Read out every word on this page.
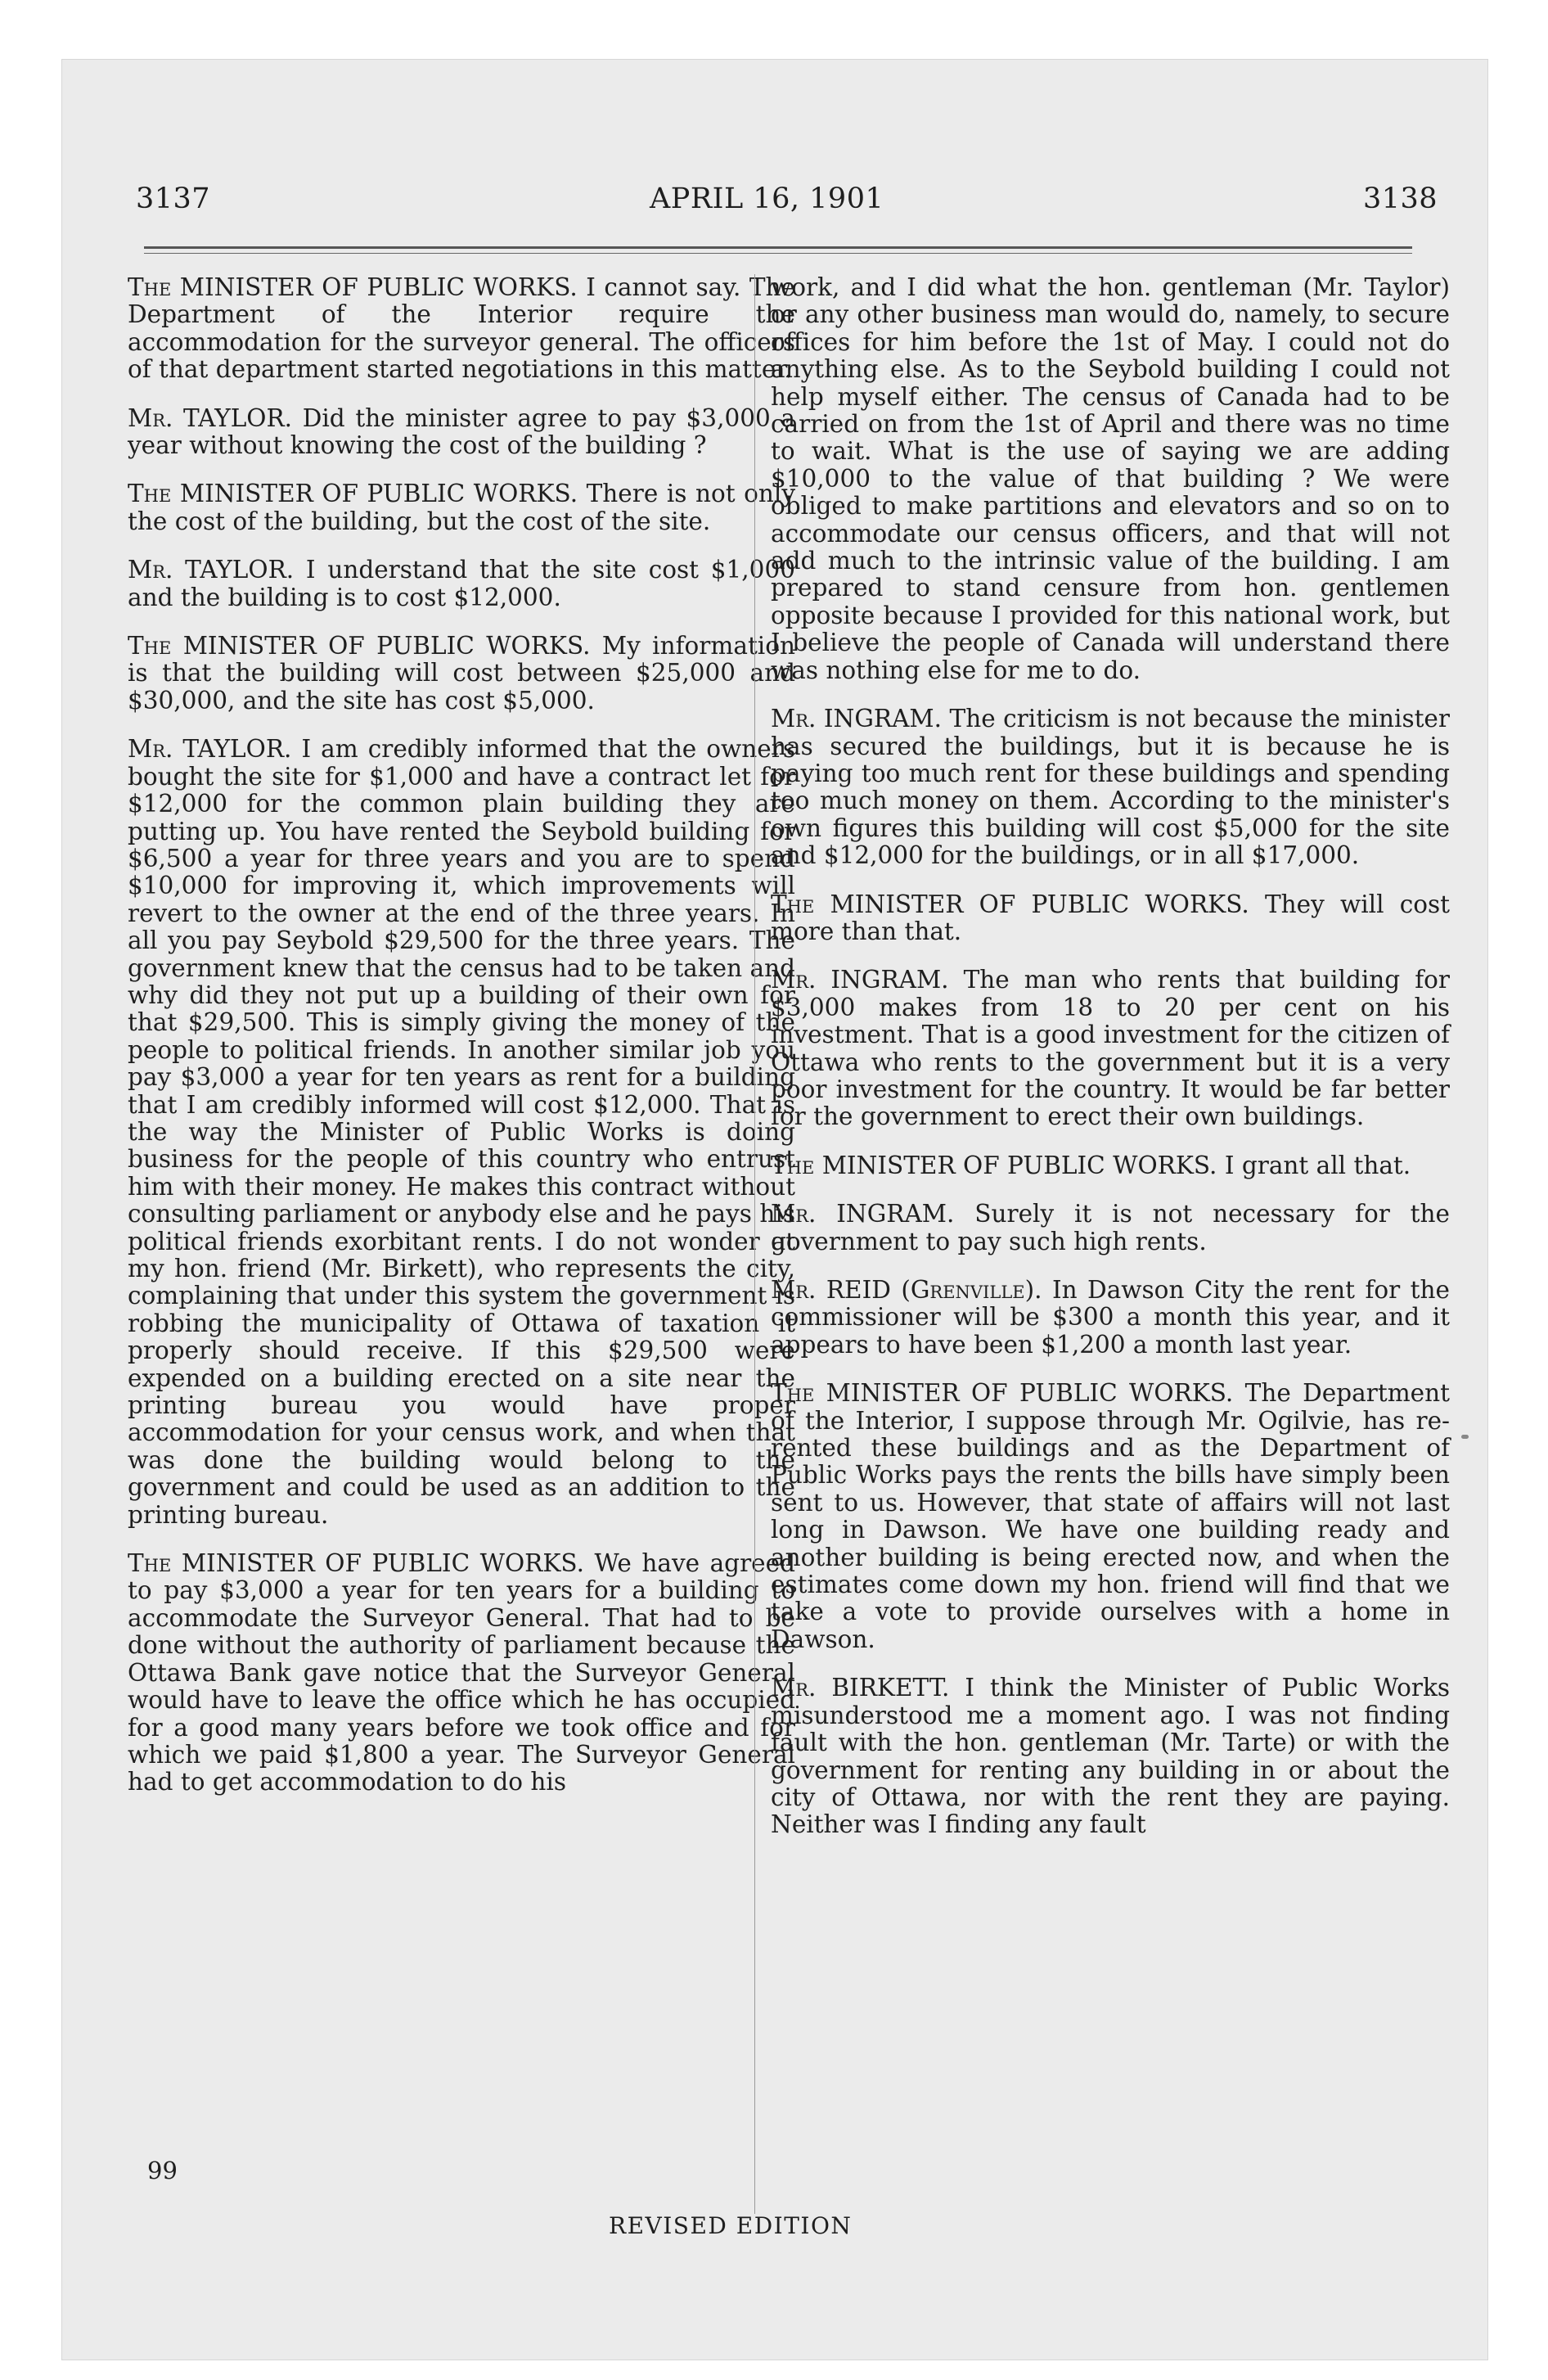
3137	APRIL 16, 1901	3138

The MINISTER OF PUBLIC WORKS. I cannot say. The Department of the Interior require the accommodation for the surveyor general. The officers of that department started negotiations in this matter.

Mr. TAYLOR. Did the minister agree to pay $3,000 a year without knowing the cost of the building ?

The MINISTER OF PUBLIC WORKS. There is not only the cost of the building, but the cost of the site.

Mr. TAYLOR. I understand that the site cost $1,000 and the building is to cost $12,000.

The MINISTER OF PUBLIC WORKS. My information is that the building will cost between $25,000 and $30,000, and the site has cost $5,000.

Mr. TAYLOR. I am credibly informed that the owners bought the site for $1,000 and have a contract let for $12,000 for the common plain building they are putting up. You have rented the Seybold building for $6,500 a year for three years and you are to spend $10,000 for improving it, which improvements will revert to the owner at the end of the three years. In all you pay Seybold $29,500 for the three years. The government knew that the census had to be taken and why did they not put up a building of their own for that $29,500. This is simply giving the money of the people to political friends. In another similar job you pay $3,000 a year for ten years as rent for a building that I am credibly informed will cost $12,000. That is the way the Minister of Public Works is doing business for the people of this country who entrust him with their money. He makes this contract without consulting parliament or anybody else and he pays his political friends exorbitant rents. I do not wonder at my hon. friend (Mr. Birkett), who represents the city, complaining that under this system the government is robbing the municipality of Ottawa of taxation it properly should receive. If this $29,500 were expended on a building erected on a site near the printing bureau you would have proper accommodation for your census work, and when that was done the building would belong to the government and could be used as an addition to the printing bureau.

The MINISTER OF PUBLIC WORKS. We have agreed to pay $3,000 a year for ten years for a building to accommodate the Surveyor General. That had to be done without the authority of parliament because the Ottawa Bank gave notice that the Surveyor General would have to leave the office which he has occupied for a good many years before we took office and for which we paid $1,800 a year. The Surveyor General had to get accommodation to do his

work, and I did what the hon. gentleman (Mr. Taylor) or any other business man would do, namely, to secure offices for him before the 1st of May. I could not do anything else. As to the Seybold building I could not help myself either. The census of Canada had to be carried on from the 1st of April and there was no time to wait. What is the use of saying we are adding $10,000 to the value of that building ? We were obliged to make partitions and elevators and so on to accommodate our census officers, and that will not add much to the intrinsic value of the building. I am prepared to stand censure from hon. gentlemen opposite because I provided for this national work, but I believe the people of Canada will understand there was nothing else for me to do.

Mr. INGRAM. The criticism is not because the minister has secured the buildings, but it is because he is paying too much rent for these buildings and spending too much money on them. According to the minister's own figures this building will cost $5,000 for the site and $12,000 for the buildings, or in all $17,000.

The MINISTER OF PUBLIC WORKS. They will cost more than that.

Mr. INGRAM. The man who rents that building for $3,000 makes from 18 to 20 per cent on his investment. That is a good investment for the citizen of Ottawa who rents to the government but it is a very poor investment for the country. It would be far better for the government to erect their own buildings.

The MINISTER OF PUBLIC WORKS. I grant all that.

Mr. INGRAM. Surely it is not necessary for the government to pay such high rents.

Mr. REID (Grenville). In Dawson City the rent for the commissioner will be $300 a month this year, and it appears to have been $1,200 a month last year.

The MINISTER OF PUBLIC WORKS. The Department of the Interior, I suppose through Mr. Ogilvie, has re-rented these buildings and as the Department of Public Works pays the rents the bills have simply been sent to us. However, that state of affairs will not last long in Dawson. We have one building ready and another building is being erected now, and when the estimates come down my hon. friend will find that we take a vote to provide ourselves with a home in Dawson.

Mr. BIRKETT. I think the Minister of Public Works misunderstood me a moment ago. I was not finding fault with the hon. gentleman (Mr. Tarte) or with the government for renting any building in or about the city of Ottawa, nor with the rent they are paying. Neither was I finding any fault

99
REVISED EDITION
